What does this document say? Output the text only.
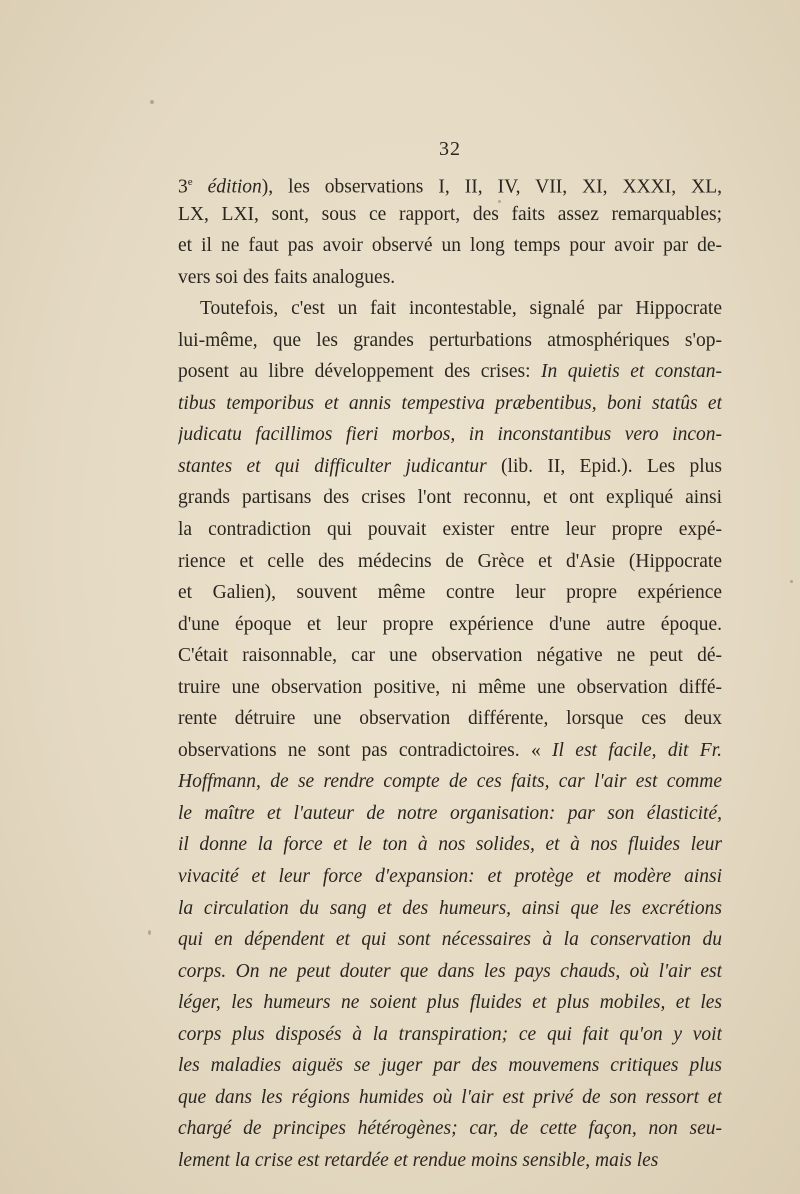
32
3e édition), les observations I, II, IV, VII, XI, XXXI, XL,
LX, LXI, sont, sous ce rapport, des faits assez remarquables;
et il ne faut pas avoir observé un long temps pour avoir par de-
vers soi des faits analogues.
Toutefois, c'est un fait incontestable, signalé par Hippocrate
lui-même, que les grandes perturbations atmosphériques s'op-
posent au libre développement des crises: In quietis et constan-
tibus temporibus et annis tempestiva præbentibus, boni statûs et
judicatu facillimos fieri morbos, in inconstantibus vero incon-
stantes et qui difficulter judicantur (lib. II, Epid.). Les plus
grands partisans des crises l'ont reconnu, et ont expliqué ainsi
la contradiction qui pouvait exister entre leur propre expé-
rience et celle des médecins de Grèce et d'Asie (Hippocrate
et Galien), souvent même contre leur propre expérience
d'une époque et leur propre expérience d'une autre époque.
C'était raisonnable, car une observation négative ne peut dé-
truire une observation positive, ni même une observation diffé-
rente détruire une observation différente, lorsque ces deux
observations ne sont pas contradictoires. « Il est facile, dit Fr.
Hoffmann, de se rendre compte de ces faits, car l'air est comme
le maître et l'auteur de notre organisation: par son élasticité,
il donne la force et le ton à nos solides, et à nos fluides leur
vivacité et leur force d'expansion: et protège et modère ainsi
la circulation du sang et des humeurs, ainsi que les excrétions
qui en dépendent et qui sont nécessaires à la conservation du
corps. On ne peut douter que dans les pays chauds, où l'air est
léger, les humeurs ne soient plus fluides et plus mobiles, et les
corps plus disposés à la transpiration; ce qui fait qu'on y voit
les maladies aiguës se juger par des mouvemens critiques plus
que dans les régions humides où l'air est privé de son ressort et
chargé de principes hétérogènes; car, de cette façon, non seu-
lement la crise est retardée et rendue moins sensible, mais les
